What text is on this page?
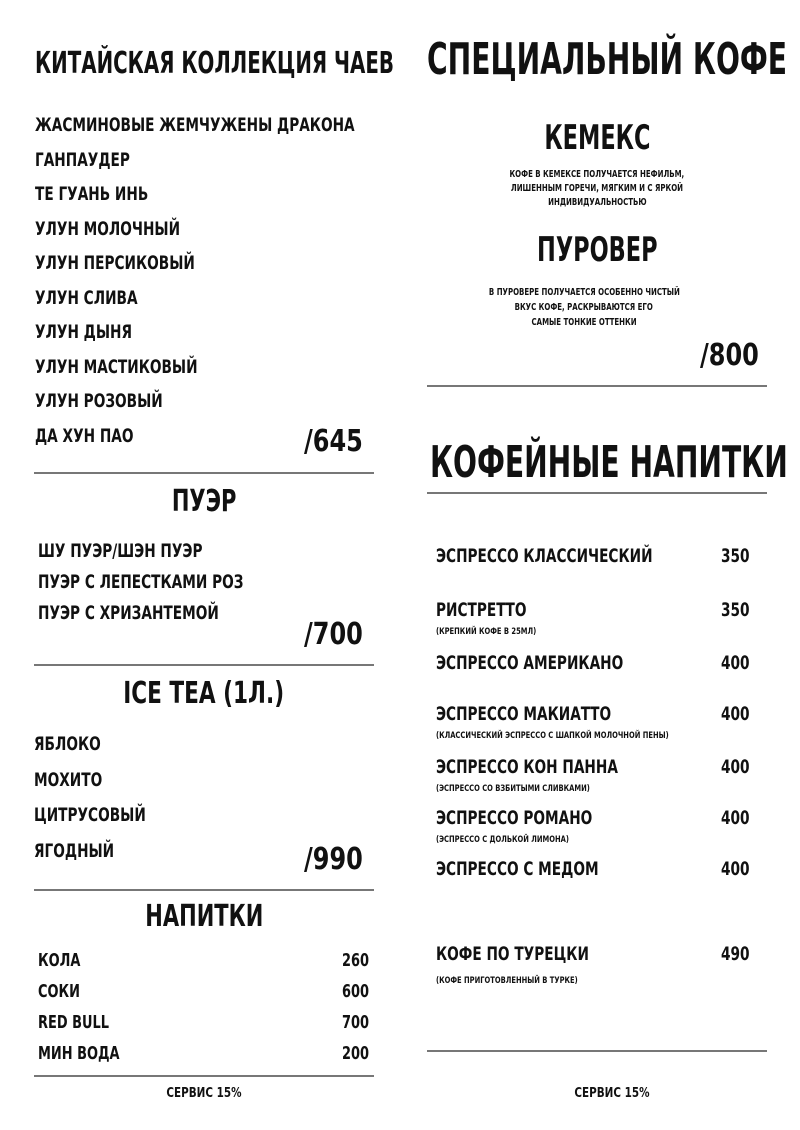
КИТАЙСКАЯ КОЛЛЕКЦИЯ ЧАЕВ
ЖАСМИНОВЫЕ ЖЕМЧУЖЕНЫ ДРАКОНА
ГАНПАУДЕР
ТЕ ГУАНЬ ИНЬ
УЛУН МОЛОЧНЫЙ
УЛУН ПЕРСИКОВЫЙ
УЛУН СЛИВА
УЛУН ДЫНЯ
УЛУН МАСТИКОВЫЙ
УЛУН РОЗОВЫЙ
ДА ХУН ПАО	/645
ПУЭР
ШУ ПУЭР/ШЭН ПУЭР
ПУЭР С ЛЕПЕСТКАМИ РОЗ
ПУЭР С ХРИЗАНТЕМОЙ
/700
ICE TEA (1Л.)
ЯБЛОКО
МОХИТО
ЦИТРУСОВЫЙ
ЯГОДНЫЙ	/990
НАПИТКИ
КОЛА	260
СОКИ	600
RED BULL	700
МИН ВОДА	200
СЕРВИС 15%
СПЕЦИАЛЬНЫЙ КОФЕ
КЕМЕКС
КОФЕ В КЕМЕКСЕ ПОЛУЧАЕТСЯ НЕФИЛЬМ,
ЛИШЕННЫМ ГОРЕЧИ, МЯГКИМ И С ЯРКОЙ
ИНДИВИДУАЛЬНОСТЬЮ
ПУРОВЕР
В ПУРОВЕРЕ ПОЛУЧАЕТСЯ ОСОБЕННО ЧИСТЫЙ
ВКУС КОФЕ, РАСКРЫВАЮТСЯ ЕГО
САМЫЕ ТОНКИЕ ОТТЕНКИ
/800
КОФЕЙНЫЕ НАПИТКИ
ЭСПРЕССО КЛАССИЧЕСКИЙ	350
РИСТРЕТТО	350
(КРЕПКИЙ КОФЕ В 25МЛ)
ЭСПРЕССО АМЕРИКАНО	400
ЭСПРЕССО МАКИАТТО	400
(КЛАССИЧЕСКИЙ ЭСПРЕССО С ШАПКОЙ МОЛОЧНОЙ ПЕНЫ)
ЭСПРЕССО КОН ПАННА	400
(ЭСПРЕССО СО ВЗБИТЫМИ СЛИВКАМИ)
ЭСПРЕССО РОМАНО	400
(ЭСПРЕССО С ДОЛЬКОЙ ЛИМОНА)
ЭСПРЕССО С МЕДОМ	400
КОФЕ ПО ТУРЕЦКИ	490
(КОФЕ ПРИГОТОВЛЕННЫЙ В ТУРКЕ)
СЕРВИС 15%
